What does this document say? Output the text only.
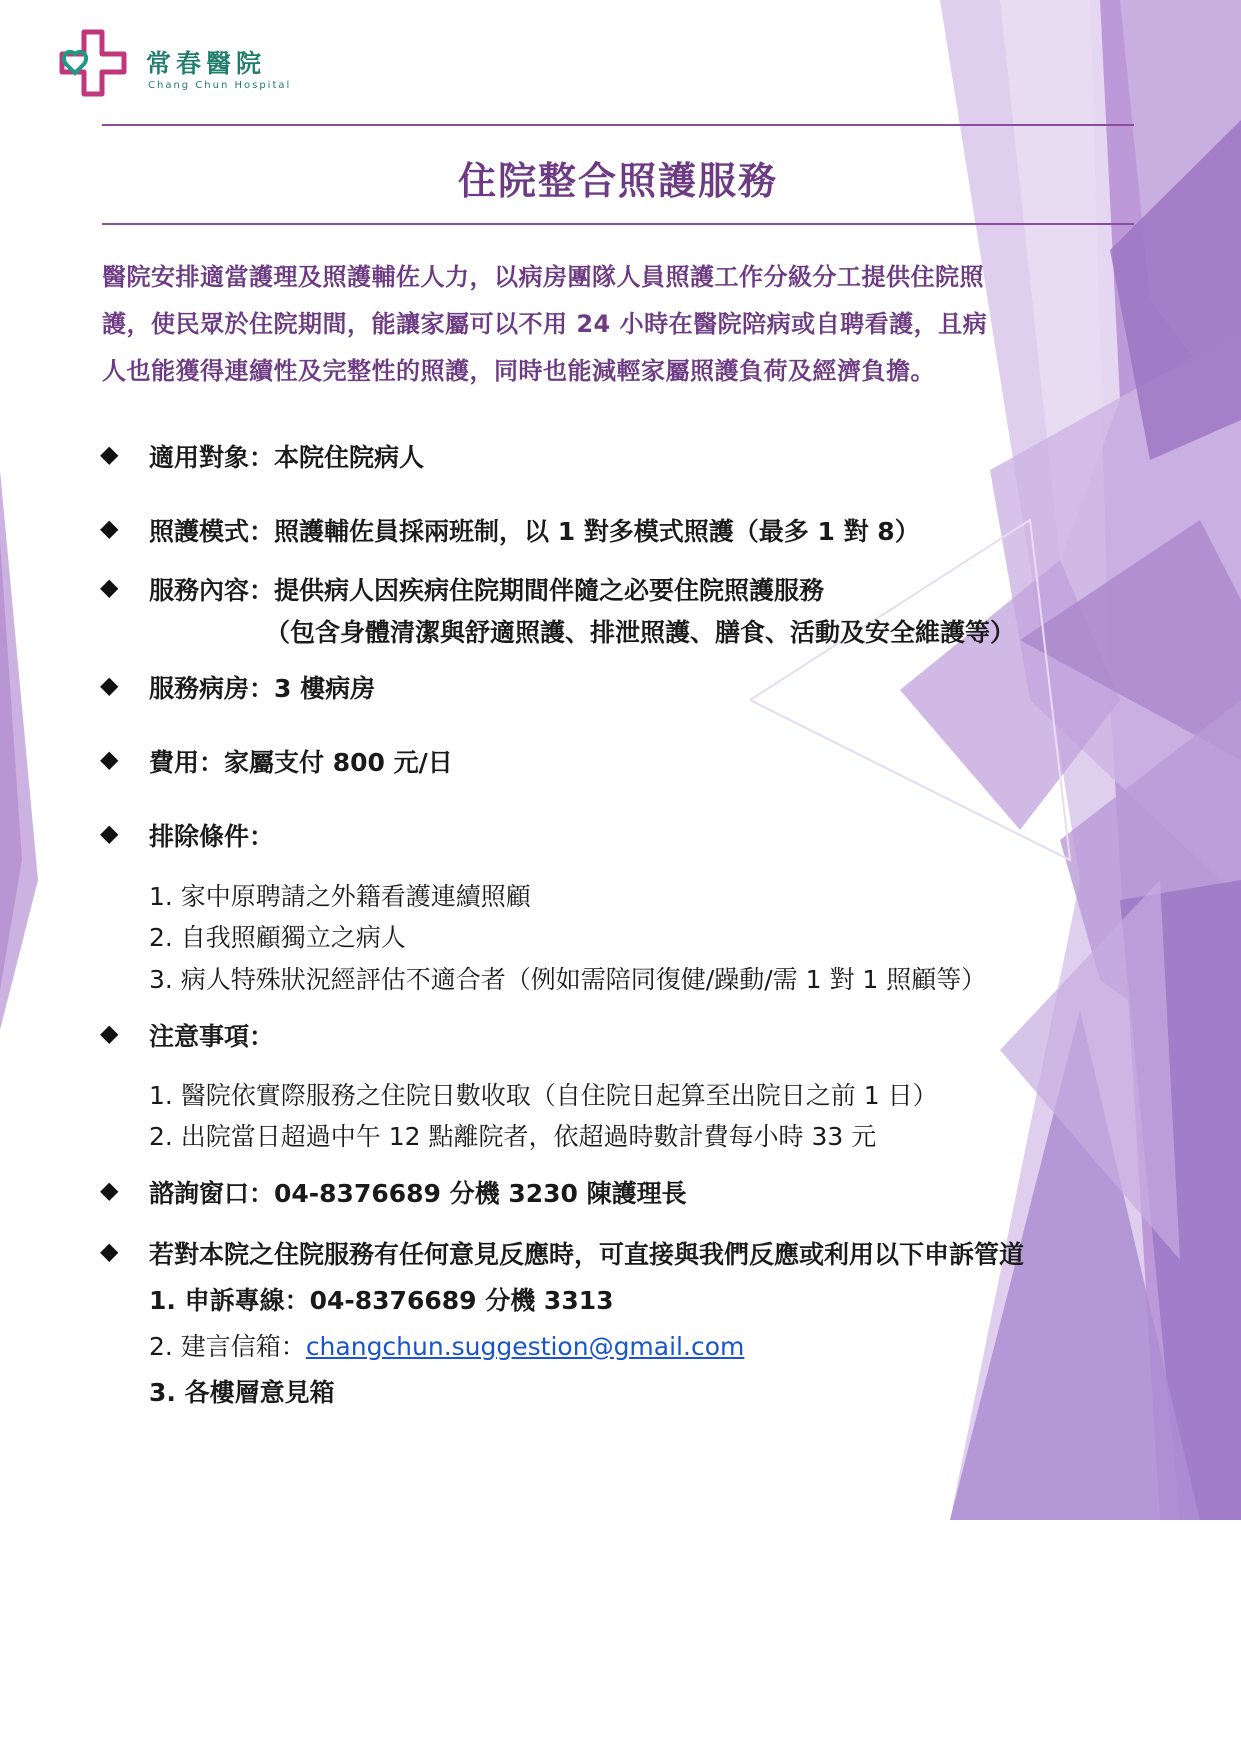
常春醫院
Chang Chun Hospital
住院整合照護服務
醫院安排適當護理及照護輔佐人力，以病房團隊人員照護工作分級分工提供住院照
護，使民眾於住院期間，能讓家屬可以不用 24 小時在醫院陪病或自聘看護，且病
人也能獲得連續性及完整性的照護，同時也能減輕家屬照護負荷及經濟負擔。
◆ 適用對象：本院住院病人
◆ 照護模式：照護輔佐員採兩班制，以 1 對多模式照護（最多 1 對 8）
◆ 服務內容：提供病人因疾病住院期間伴隨之必要住院照護服務
（包含身體清潔與舒適照護、排泄照護、膳食、活動及安全維護等）
◆ 服務病房：3 樓病房
◆ 費用：家屬支付 800 元/日
◆ 排除條件：
1. 家中原聘請之外籍看護連續照顧
2. 自我照顧獨立之病人
3. 病人特殊狀況經評估不適合者（例如需陪同復健/躁動/需 1 對 1 照顧等）
◆ 注意事項：
1. 醫院依實際服務之住院日數收取（自住院日起算至出院日之前 1 日）
2. 出院當日超過中午 12 點離院者，依超過時數計費每小時 33 元
◆ 諮詢窗口：04-8376689 分機 3230 陳護理長
◆ 若對本院之住院服務有任何意見反應時，可直接與我們反應或利用以下申訴管道
1. 申訴專線：04-8376689 分機 3313
2. 建言信箱：changchun.suggestion@gmail.com
3. 各樓層意見箱
